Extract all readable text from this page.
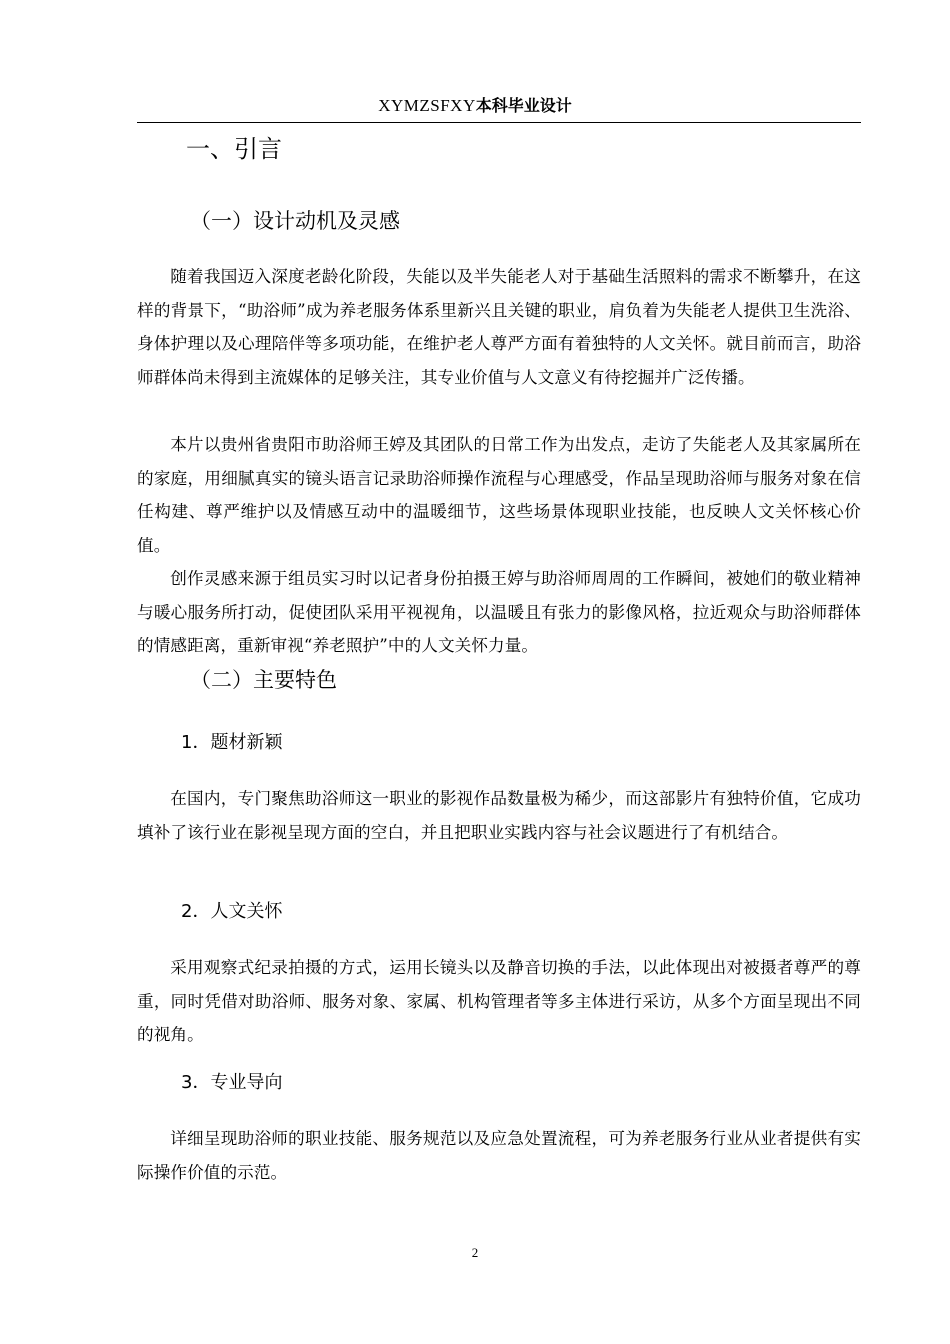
XYMZSFXY本科毕业设计
一、引言
（一）设计动机及灵感

随着我国迈入深度老龄化阶段，失能以及半失能老人对于基础生活照料的需求不断攀升，在这样的背景下，“助浴师”成为养老服务体系里新兴且关键的职业，肩负着为失能老人提供卫生洗浴、身体护理以及心理陪伴等多项功能，在维护老人尊严方面有着独特的人文关怀。就目前而言，助浴师群体尚未得到主流媒体的足够关注，其专业价值与人文意义有待挖掘并广泛传播。

本片以贵州省贵阳市助浴师王婷及其团队的日常工作为出发点，走访了失能老人及其家属所在的家庭，用细腻真实的镜头语言记录助浴师操作流程与心理感受，作品呈现助浴师与服务对象在信任构建、尊严维护以及情感互动中的温暖细节，这些场景体现职业技能，也反映人文关怀核心价值。

创作灵感来源于组员实习时以记者身份拍摄王婷与助浴师周周的工作瞬间，被她们的敬业精神与暖心服务所打动，促使团队采用平视视角，以温暖且有张力的影像风格，拉近观众与助浴师群体的情感距离，重新审视“养老照护”中的人文关怀力量。

（二）主要特色
1．题材新颖

在国内，专门聚焦助浴师这一职业的影视作品数量极为稀少，而这部影片有独特价值，它成功填补了该行业在影视呈现方面的空白，并且把职业实践内容与社会议题进行了有机结合。

2．人文关怀

采用观察式纪录拍摄的方式，运用长镜头以及静音切换的手法，以此体现出对被摄者尊严的尊重，同时凭借对助浴师、服务对象、家属、机构管理者等多主体进行采访，从多个方面呈现出不同的视角。

3．专业导向

详细呈现助浴师的职业技能、服务规范以及应急处置流程，可为养老服务行业从业者提供有实际操作价值的示范。

2
